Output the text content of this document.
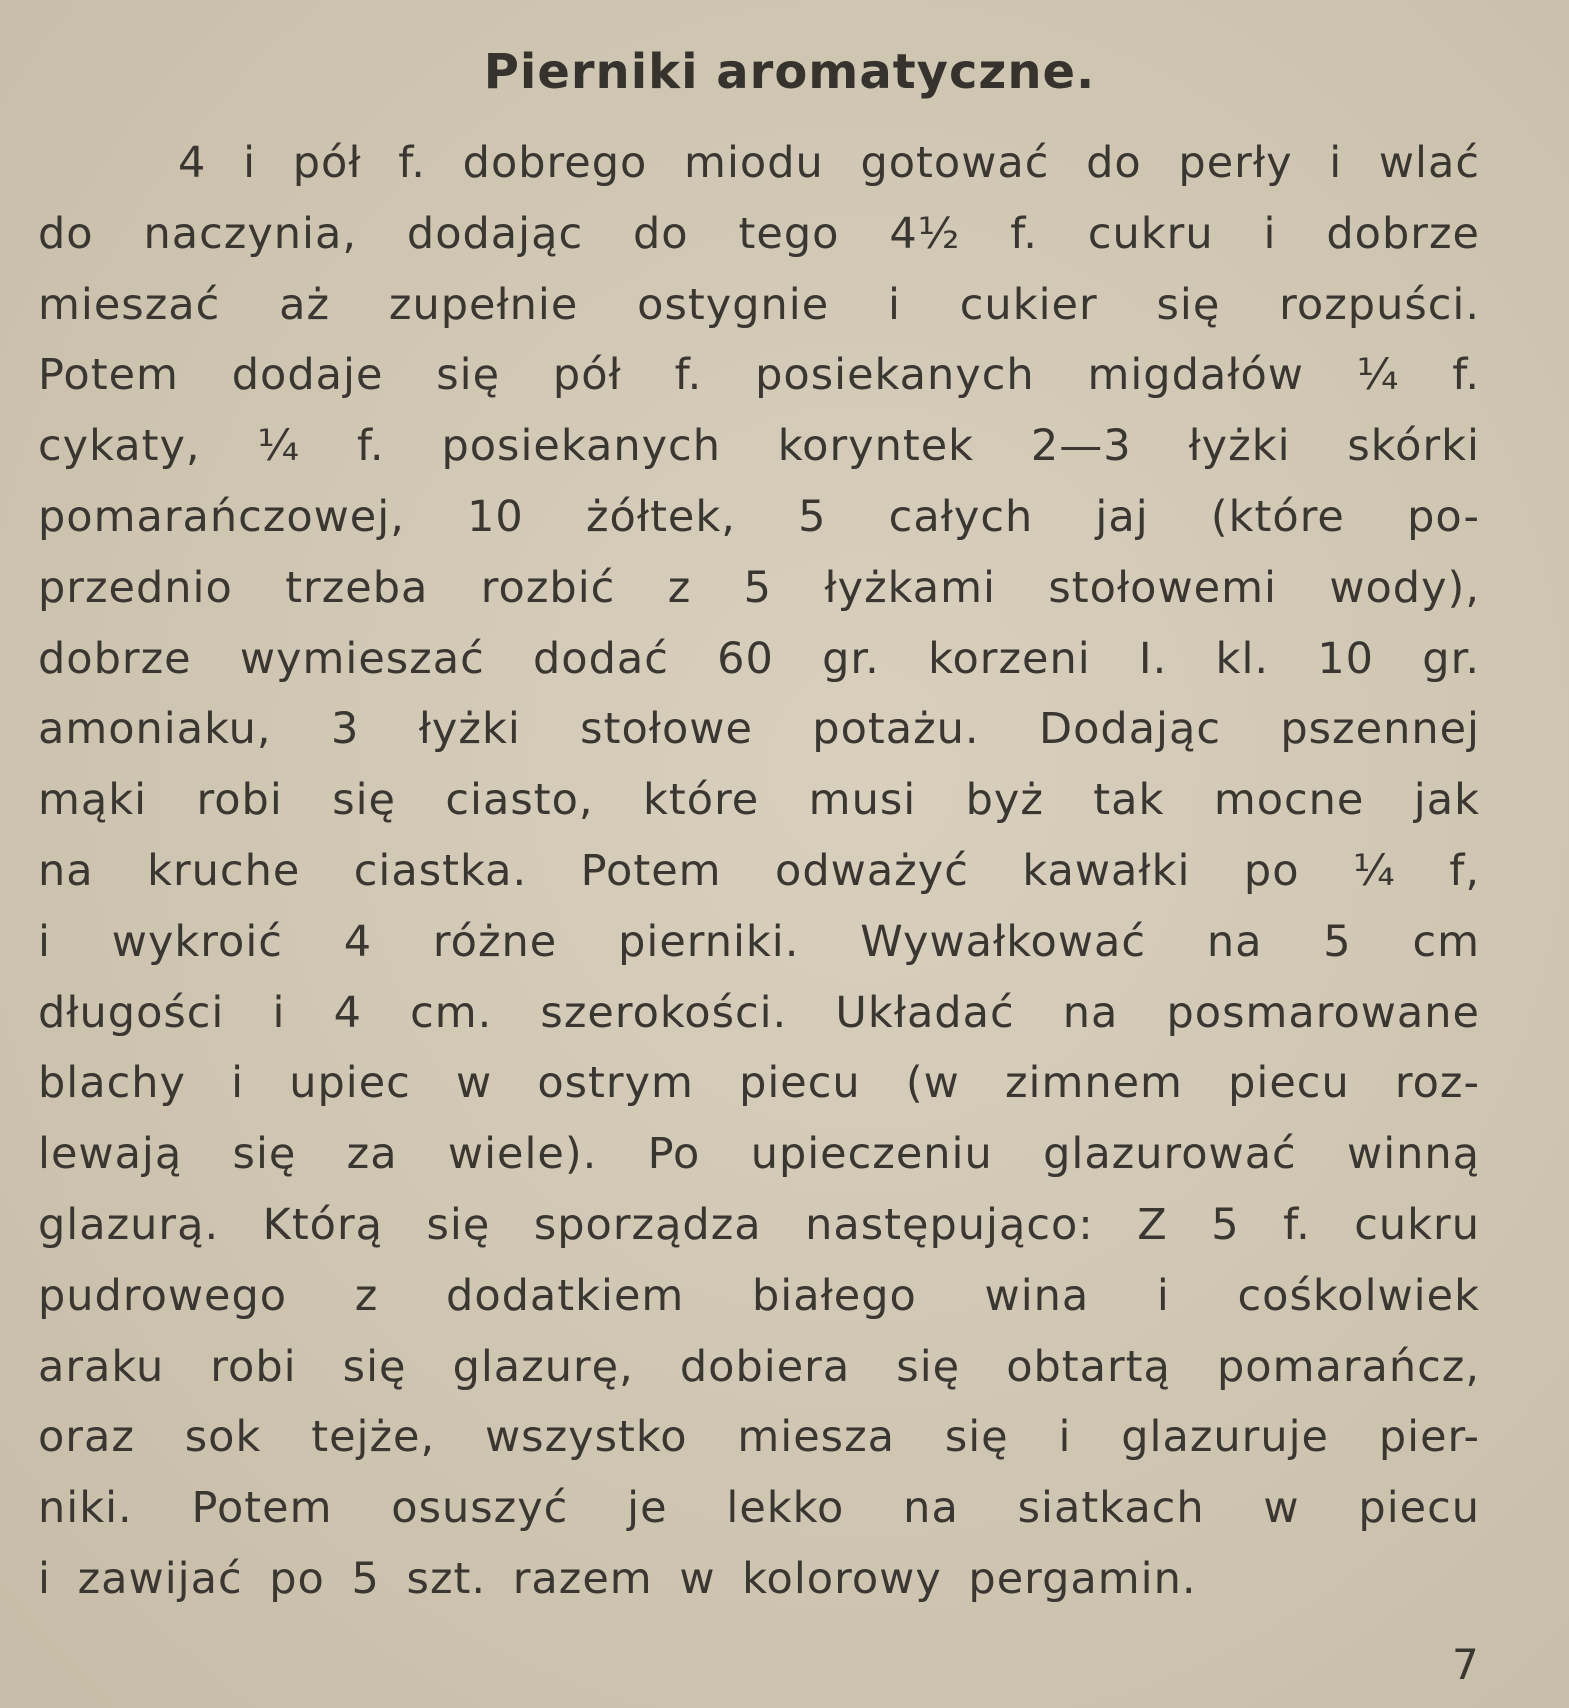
Pierniki aromatyczne.
4 i pół f. dobrego miodu gotować do perły i wlać
do naczynia, dodając do tego 4½ f. cukru i dobrze
mieszać aż zupełnie ostygnie i cukier się rozpuści.
Potem dodaje się pół f. posiekanych migdałów ¼ f.
cykaty, ¼ f. posiekanych koryntek 2—3 łyżki skórki
pomarańczowej, 10 żółtek, 5 całych jaj (które po-
przednio trzeba rozbić z 5 łyżkami stołowemi wody),
dobrze wymieszać dodać 60 gr. korzeni I. kl. 10 gr.
amoniaku, 3 łyżki stołowe potażu. Dodając pszennej
mąki robi się ciasto, które musi byż tak mocne jak
na kruche ciastka. Potem odważyć kawałki po ¼ f,
i wykroić 4 różne pierniki. Wywałkować na 5 cm
długości i 4 cm. szerokości. Układać na posmarowane
blachy i upiec w ostrym piecu (w zimnem piecu roz-
lewają się za wiele). Po upieczeniu glazurować winną
glazurą. Którą się sporządza następująco: Z 5 f. cukru
pudrowego z dodatkiem białego wina i cośkolwiek
araku robi się glazurę, dobiera się obtartą pomarańcz,
oraz sok tejże, wszystko miesza się i glazuruje pier-
niki. Potem osuszyć je lekko na siatkach w piecu
i zawijać po 5 szt. razem w kolorowy pergamin.
7
